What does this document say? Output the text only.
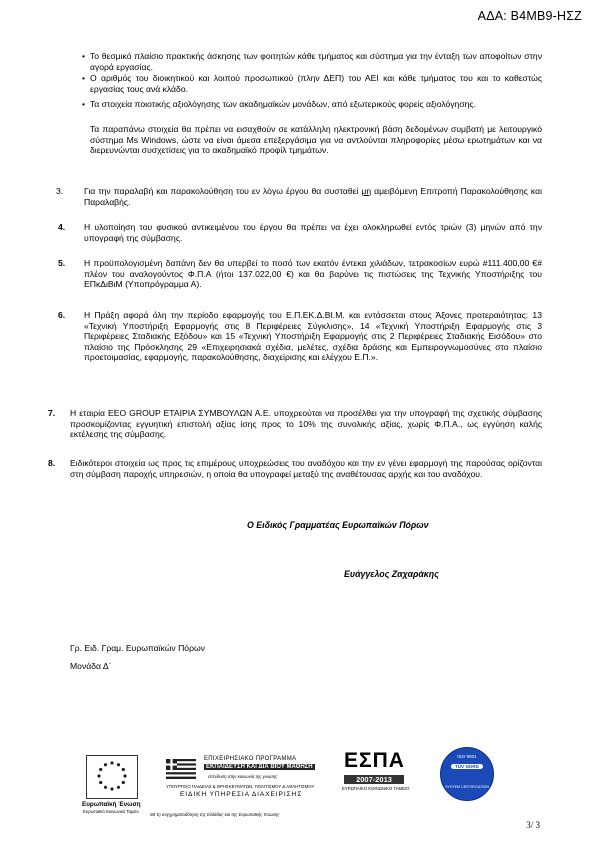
ΑΔΑ: Β4ΜΒ9-ΗΣΖ
• Το θεσμικό πλαίσιο πρακτικής άσκησης των φοιτητών κάθε τμήματος και σύστημα για την ένταξη των αποφοίτων στην αγορά εργασίας.
• Ο αριθμός του διοικητικού και λοιπού προσωπικού (πλην ΔΕΠ) του ΑΕΙ και κάθε τμήματος του και το καθεστώς εργασίας τους ανά κλάδο.
• Τα στοιχεία ποιοτικής αξιολόγησης των ακαδημαϊκών μονάδων, από εξωτερικούς φορείς αξιολόγησης.
Τα παραπάνω στοιχεία θα πρέπει να εισαχθούν σε κατάλληλη ηλεκτρονική βάση δεδομένων συμβατή με λειτουργικό σύστημα Ms Windows, ώστε να είναι άμεσα επεξεργάσιμα για να αντλούνται πληροφορίες μέσω ερωτημάτων και να διερευνώνται συσχετίσεις για το ακαδημαϊκό προφίλ τμημάτων.
3. Για την παραλαβή και παρακολούθηση του εν λόγω έργου θα συσταθεί μη αμειβόμενη Επιτροπή Παρακολούθησης και Παραλαβής.
4. Η υλοποίηση του φυσικού αντικειμένου του έργου θα πρέπει να έχει ολοκληρωθεί εντός τριών (3) μηνών από την υπογραφή της σύμβασης.
5. Η προϋπολογισμένη δαπάνη δεν θα υπερβεί το ποσό των εκατόν έντεκα χιλιάδων, τετρακοσίων ευρώ #111.400,00 €# πλέον του αναλογούντος Φ.Π.Α (ήτοι 137.022,00 €) και θα βαρύνει τις πιστώσεις της Τεχνικής Υποστήριξης του ΕΠκΔιΒιΜ (Υποπρόγραμμα Α).
6. Η Πράξη αφορά όλη την περίοδο εφαρμογής του Ε.Π.ΕΚ.Δ.ΒΙ.Μ. και εντάσσεται στους Άξονες προτεραιότητας: 13 «Τεχνική Υποστήριξη Εφαρμογής στις 8 Περιφέρειες Σύγκλισης», 14 «Τεχνική Υποστήριξη Εφαρμογής στις 3 Περιφέρειες Σταδιακής Εξόδου» και 15 «Τεχνική Υποστήριξη Εφαρμογής στις 2 Περιφέρειες Σταδιακής Εισόδου» στο πλαίσιο της Πρόσκλησης 29 «Επιχειρησιακά σχέδια, μελέτες, σχέδια δράσης και Εμπειρογνωμοσύνες στο πλαίσιο προετοιμασίας, εφαρμογής, παρακολούθησης, διαχείρισης και ελέγχου Ε.Π.».
7. Η εταιρία ΕΕΟ GROUP ΕΤΑΙΡΙΑ ΣΥΜΒΟΥΛΩΝ Α.Ε. υποχρεούται να προσέλθει για την υπογραφή της σχετικής σύμβασης προσκομίζοντας εγγυητική επιστολή αξίας ίσης προς το 10% της συνολικής αξίας, χωρίς Φ.Π.Α., ως εγγύηση καλής εκτέλεσης της σύμβασης.
8. Ειδικότεροι στοιχεία ως προς τις επιμέρους υποχρεώσεις του αναδόχου και την εν γένει εφαρμογή της παρούσας ορίζονται στη σύμβαση παροχής υπηρεσιών, η οποία θα υπογραφεί μεταξύ της αναθέτουσας αρχής και του αναδόχου.
Ο Ειδικός Γραμματέας Ευρωπαϊκών Πόρων
Ευάγγελος Ζαχαράκης
Γρ. Ειδ. Γραμ. Ευρωπαϊκών Πόρων
Μονάδα Δ΄
Ευρωπαϊκή Ένωση
Ευρωπαϊκό Κοινωνικό Ταμείο
ΕΠΙΧΕΙΡΗΣΙΑΚΟ ΠΡΟΓΡΑΜΜΑ
ΕΚΠΑΙΔΕΥΣΗ ΚΑΙ ΔΙΑ ΒΙΟΥ ΜΑΘΗΣΗ
επένδυση στην κοινωνία της γνώσης
ΥΠΟΥΡΓΕΙΟ ΠΑΙΔΕΙΑΣ & ΘΡΗΣΚΕΥΜΑΤΩΝ, ΠΟΛΙΤΙΣΜΟΥ & ΑΘΛΗΤΙΣΜΟΥ
ΕΙΔΙΚΗ ΥΠΗΡΕΣΙΑ ΔΙΑΧΕΙΡΙΣΗΣ
ΕΣΠΑ
2007-2013
ΕΥΡΩΠΑΪΚΟ ΚΟΙΝΩΝΙΚΟ ΤΑΜΕΙΟ
Με τη συγχρηματοδότηση της Ελλάδας και της Ευρωπαϊκής Ένωσης
ISO 9001
TÜV NORD
SYSTEM CERTIFICATION
3/ 3
